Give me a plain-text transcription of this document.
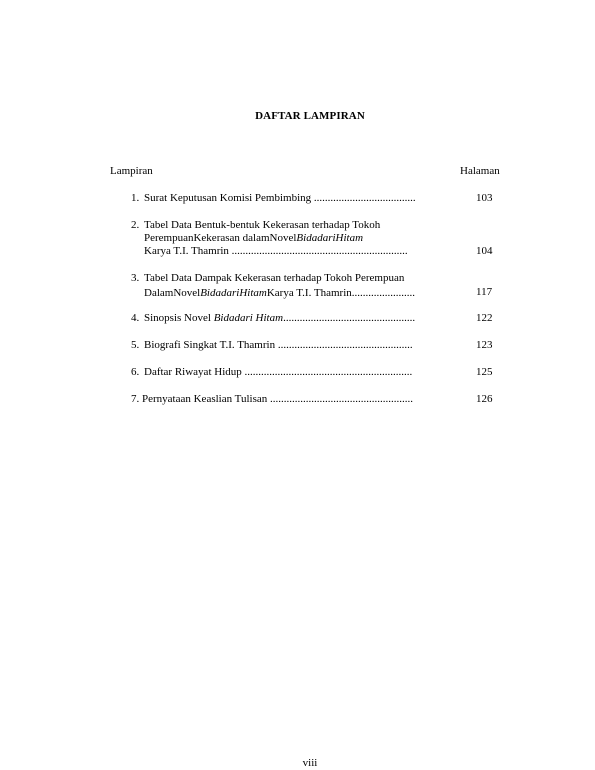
DAFTAR LAMPIRAN
Lampiran	Halaman
1. Surat Keputusan Komisi Pembimbing .....................................	103
2. Tabel Data Bentuk-bentuk Kekerasan terhadap Tokoh
PerempuanKekerasan dalamNovelBidadariHitam
Karya T.I. Thamrin ................................................................	104
3. Tabel Data Dampak Kekerasan terhadap Tokoh Perempuan
DalamNovelBidadariHitamKarya T.I. Thamrin.......................	117
4. Sinopsis Novel Bidadari Hitam................................................	122
5. Biografi Singkat T.I. Thamrin .................................................	123
6. Daftar Riwayat Hidup .............................................................	125
7. Pernyataan Keaslian Tulisan ....................................................	126
viii
